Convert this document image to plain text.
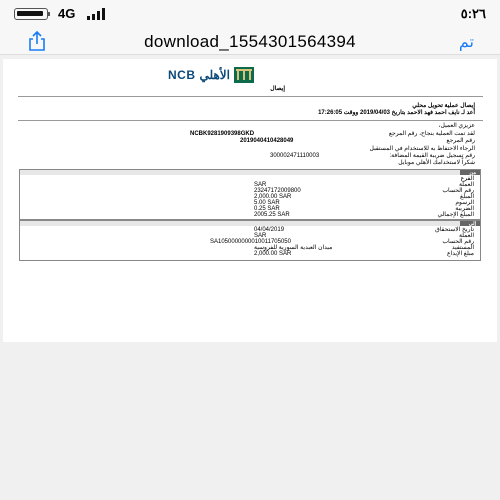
4G	٥:٢٦
download_1554301564394	تم
NCB الأهلي
إيصال
إيصال عملية تحويل محلي
أعد لـ نايف احمد فهد الاحمد بتاريخ 2019/04/03 ووقت 17:26:05
عزيزي العميل،
لقد تمت العملية بنجاح، رقم المرجع
NCBK9281909398GKD
رقم المرجع
2019040410428049
الرجاء الاحتفاظ به للاستخدام في المستقبل
رقم تسجيل ضريبة القيمة المضافة:
300002471110003
شكراً لاستخدامك الأهلي موبايل
من
الفرع
العملة
SAR
رقم الحساب
23247172009800
المبلغ
2,000.00 SAR
الرسوم
5.00 SAR
الضريبة
0.25 SAR
المبلغ الإجمالي
2005.25 SAR
إلى
تاريخ الاستحقاق
04/04/2019
العملة
SAR
رقم الحساب
SA1050000000010011705050
المستفيد
ميدان العبدية السورية للفروسية
مبلغ الإيداع
2,000.00 SAR
